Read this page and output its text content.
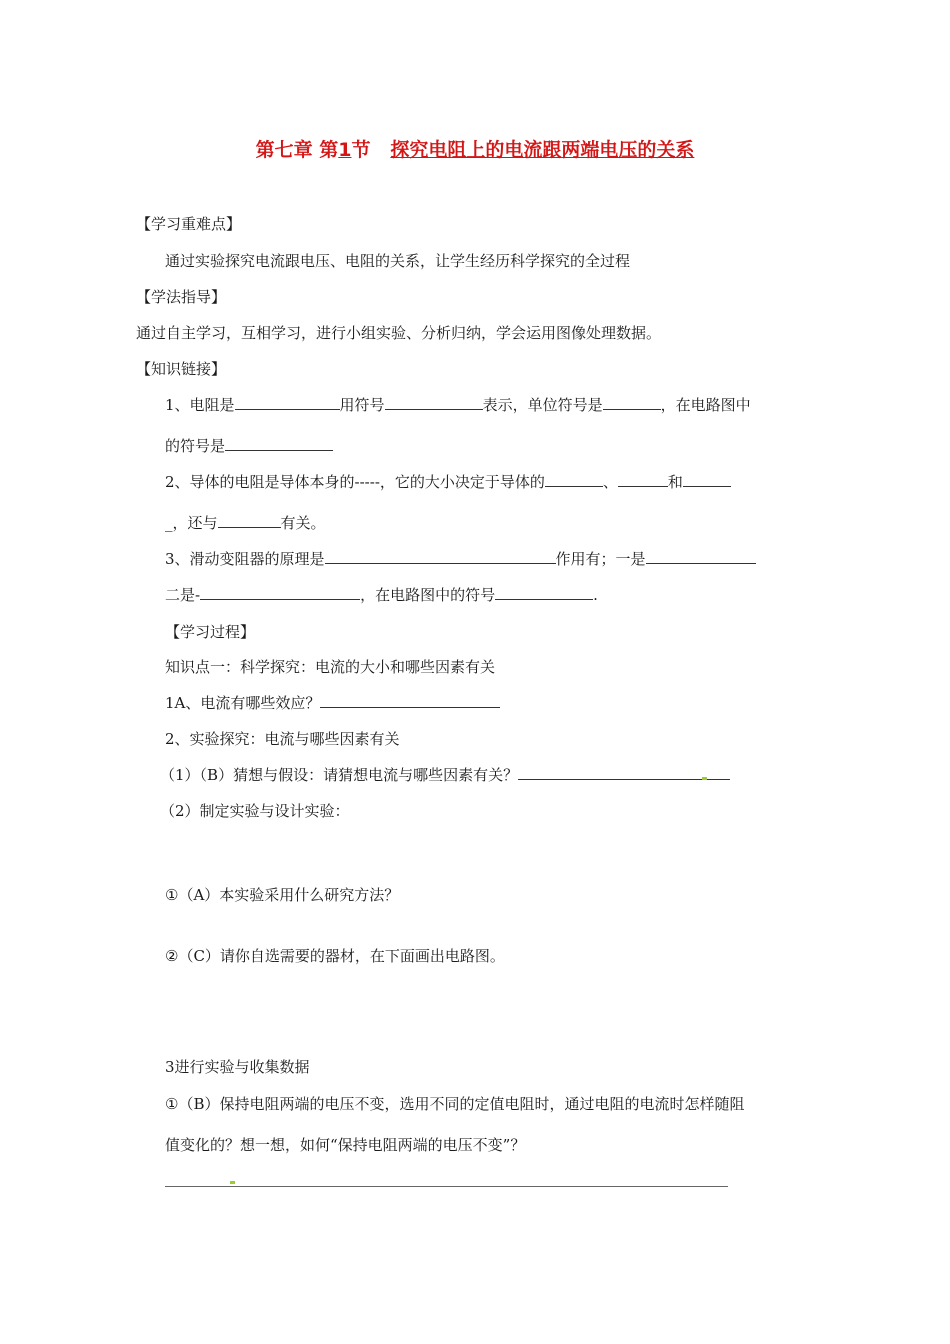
第七章 第1节 探究电阻上的电流跟两端电压的关系
【学习重难点】
通过实验探究电流跟电压、电阻的关系，让学生经历科学探究的全过程
【学法指导】
通过自主学习，互相学习，进行小组实验、分析归纳，学会运用图像处理数据。
【知识链接】
1、电阻是	用符号	表示，单位符号是	，在电路图中
的符号是
2、导体的电阻是导体本身的-----，它的大小决定于导体的	、	和
_，还与	有关。
3、滑动变阻器的原理是	作用有；一是
二是-	，在电路图中的符号	.
【学习过程】
知识点一：科学探究：电流的大小和哪些因素有关
1A、电流有哪些效应？
2、实验探究：电流与哪些因素有关
（1）（B）猜想与假设：请猜想电流与哪些因素有关？
（2）制定实验与设计实验：
①（A）本实验采用什么研究方法？
②（C）请你自选需要的器材，在下面画出电路图。
3进行实验与收集数据
①（B）保持电阻两端的电压不变，选用不同的定值电阻时，通过电阻的电流时怎样随阻
值变化的？想一想，如何“保持电阻两端的电压不变”？
